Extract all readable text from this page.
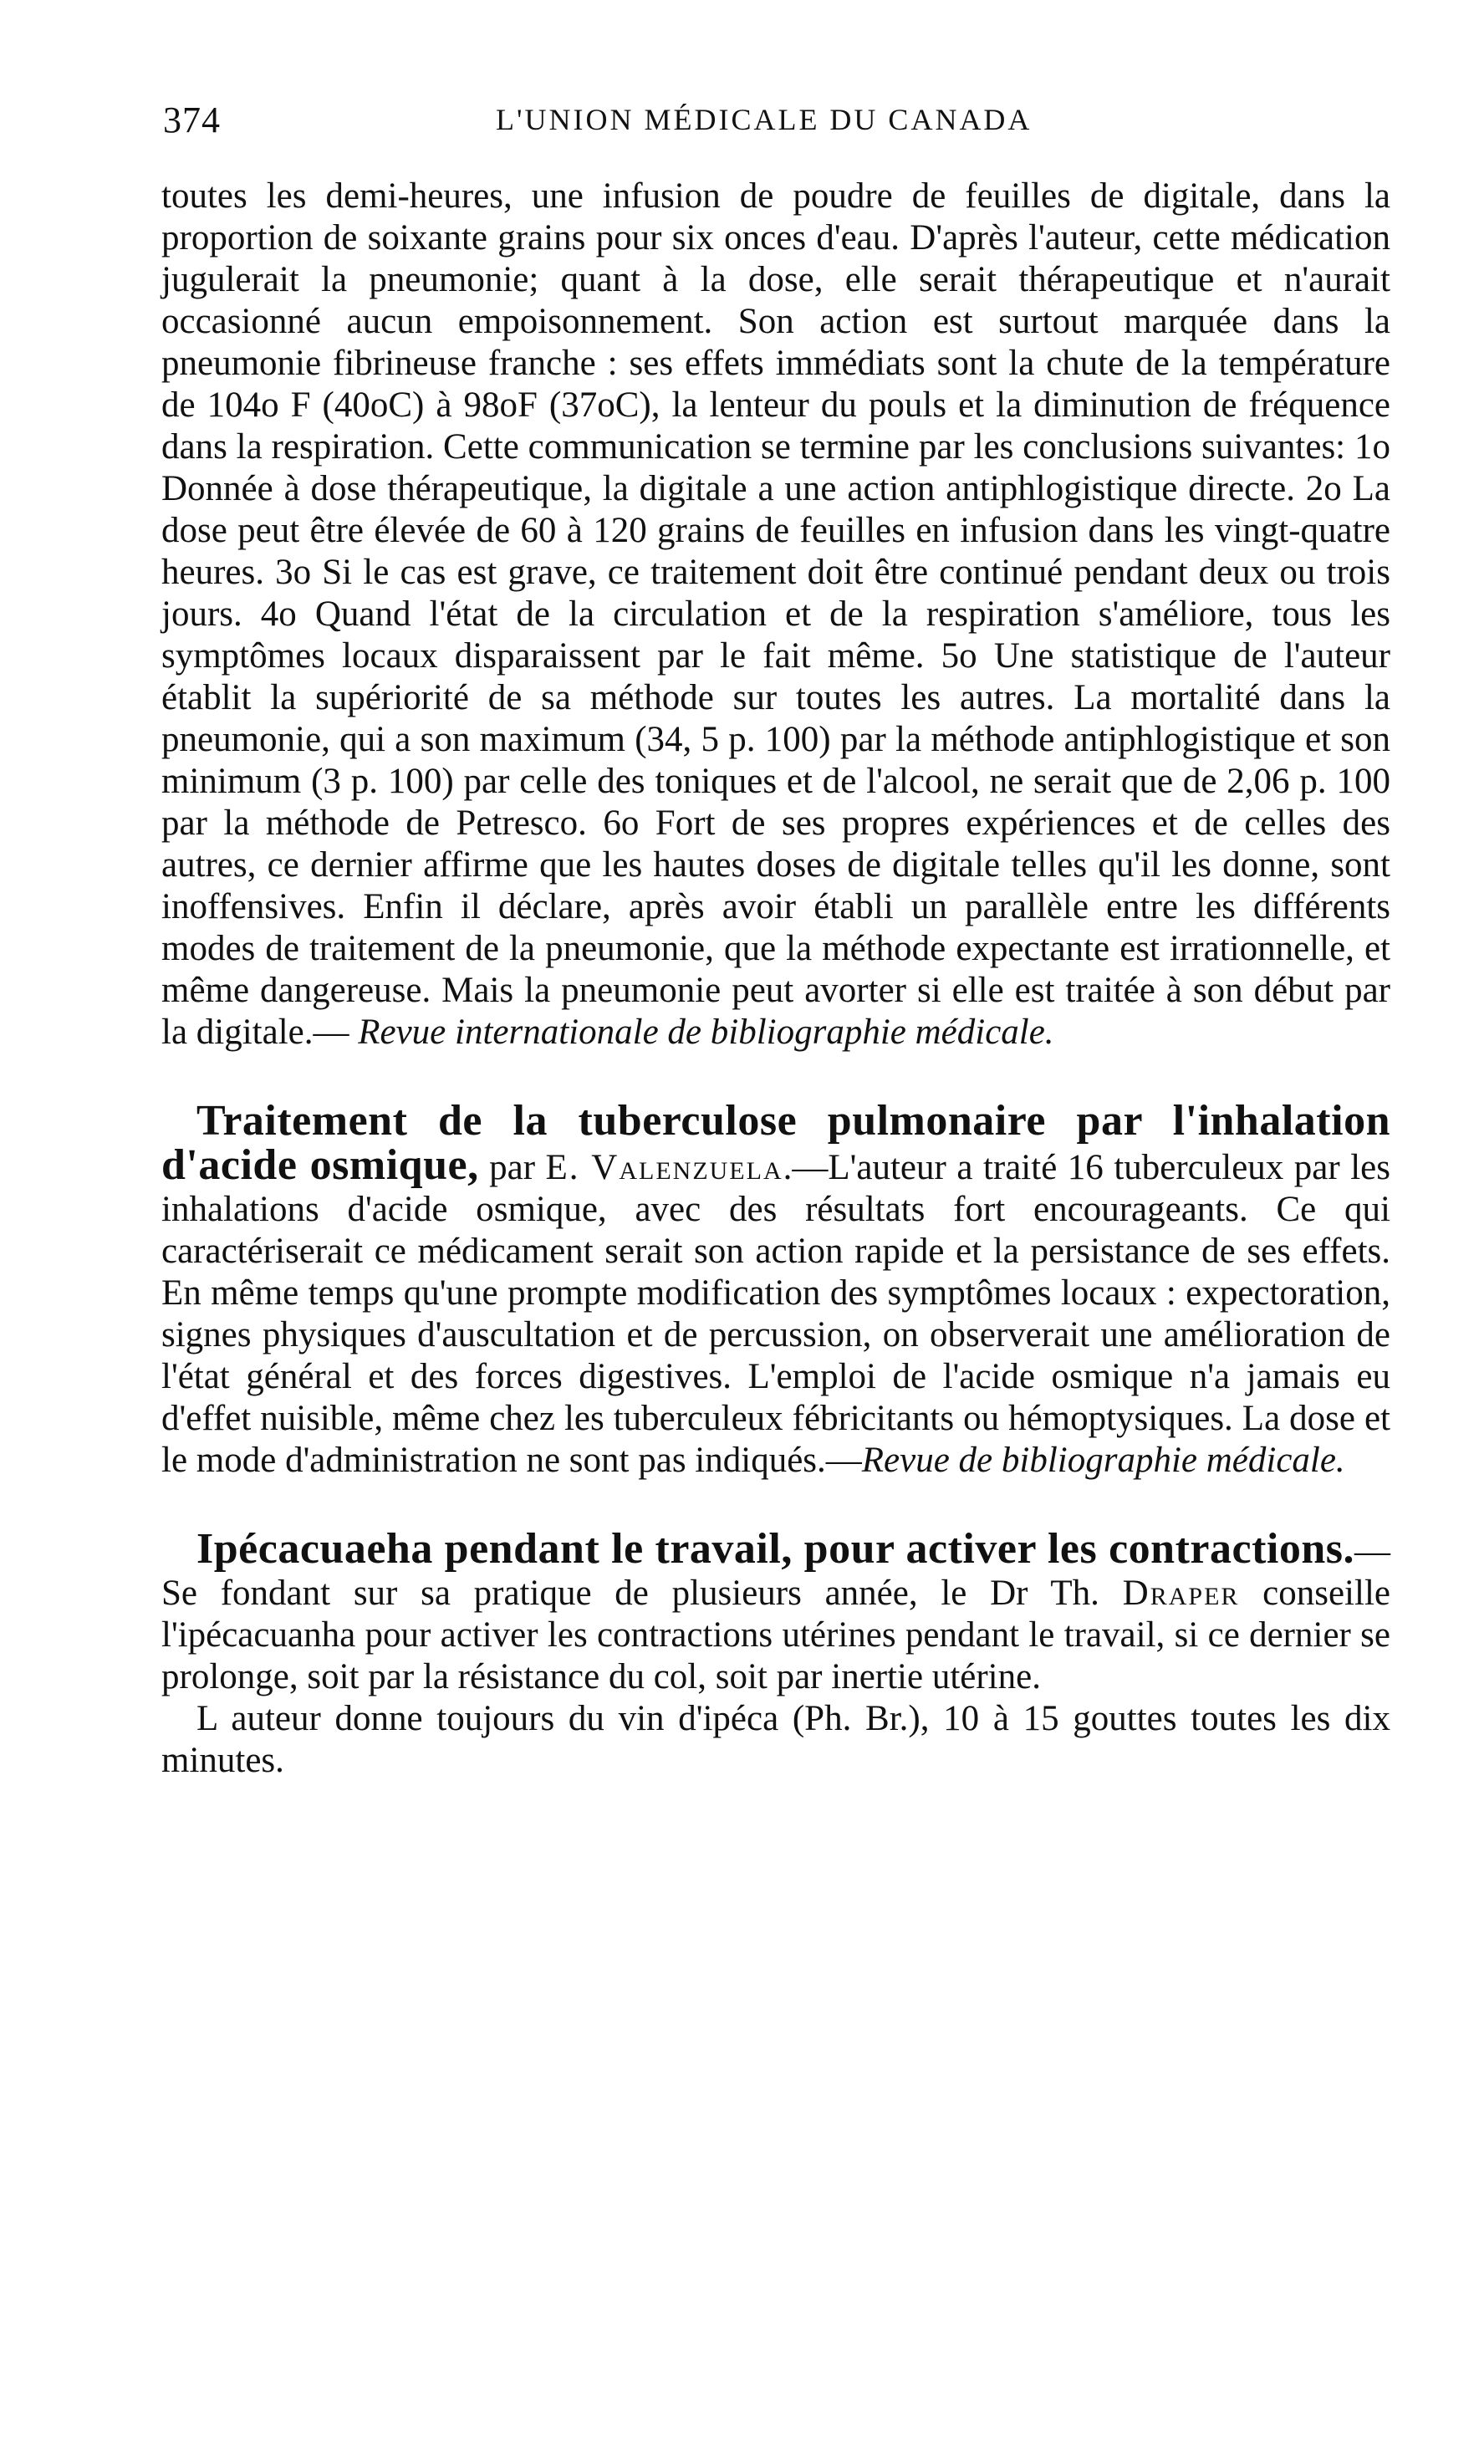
374	L'UNION MÉDICALE DU CANADA

toutes les demi-heures, une infusion de poudre de feuilles de digitale, dans la proportion de soixante grains pour six onces d'eau. D'après l'auteur, cette médication jugulerait la pneumonie; quant à la dose, elle serait thérapeutique et n'aurait occasionné aucun empoisonnement. Son action est surtout marquée dans la pneumonie fibrineuse franche : ses effets immédiats sont la chute de la température de 104o F (40oC) à 98oF (37oC), la lenteur du pouls et la diminution de fréquence dans la respiration. Cette communication se termine par les conclusions suivantes: 1o Donnée à dose thérapeutique, la digitale a une action antiphlogistique directe. 2o La dose peut être élevée de 60 à 120 grains de feuilles en infusion dans les vingt-quatre heures. 3o Si le cas est grave, ce traitement doit être continué pendant deux ou trois jours. 4o Quand l'état de la circulation et de la respiration s'améliore, tous les symptômes locaux disparaissent par le fait même. 5o Une statistique de l'auteur établit la supériorité de sa méthode sur toutes les autres. La mortalité dans la pneumonie, qui a son maximum (34, 5 p. 100) par la méthode antiphlogistique et son minimum (3 p. 100) par celle des toniques et de l'alcool, ne serait que de 2,06 p. 100 par la méthode de Petresco. 6o Fort de ses propres expériences et de celles des autres, ce dernier affirme que les hautes doses de digitale telles qu'il les donne, sont inoffensives. Enfin il déclare, après avoir établi un parallèle entre les différents modes de traitement de la pneumonie, que la méthode expectante est irrationnelle, et même dangereuse. Mais la pneumonie peut avorter si elle est traitée à son début par la digitale.— Revue internationale de bibliographie médicale.

Traitement de la tuberculose pulmonaire par l'inhalation d'acide osmique, par E. Valenzuela.—L'auteur a traité 16 tuberculeux par les inhalations d'acide osmique, avec des résultats fort encourageants. Ce qui caractériserait ce médicament serait son action rapide et la persistance de ses effets. En même temps qu'une prompte modification des symptômes locaux : expectoration, signes physiques d'auscultation et de percussion, on observerait une amélioration de l'état général et des forces digestives. L'emploi de l'acide osmique n'a jamais eu d'effet nuisible, même chez les tuberculeux fébricitants ou hémoptysiques. La dose et le mode d'administration ne sont pas indiqués.—Revue de bibliographie médicale.

Ipécacuaeha pendant le travail, pour activer les contractions.—Se fondant sur sa pratique de plusieurs année, le Dr Th. Draper conseille l'ipécacuanha pour activer les contractions utérines pendant le travail, si ce dernier se prolonge, soit par la résistance du col, soit par inertie utérine.

L auteur donne toujours du vin d'ipéca (Ph. Br.), 10 à 15 gouttes toutes les dix minutes.
